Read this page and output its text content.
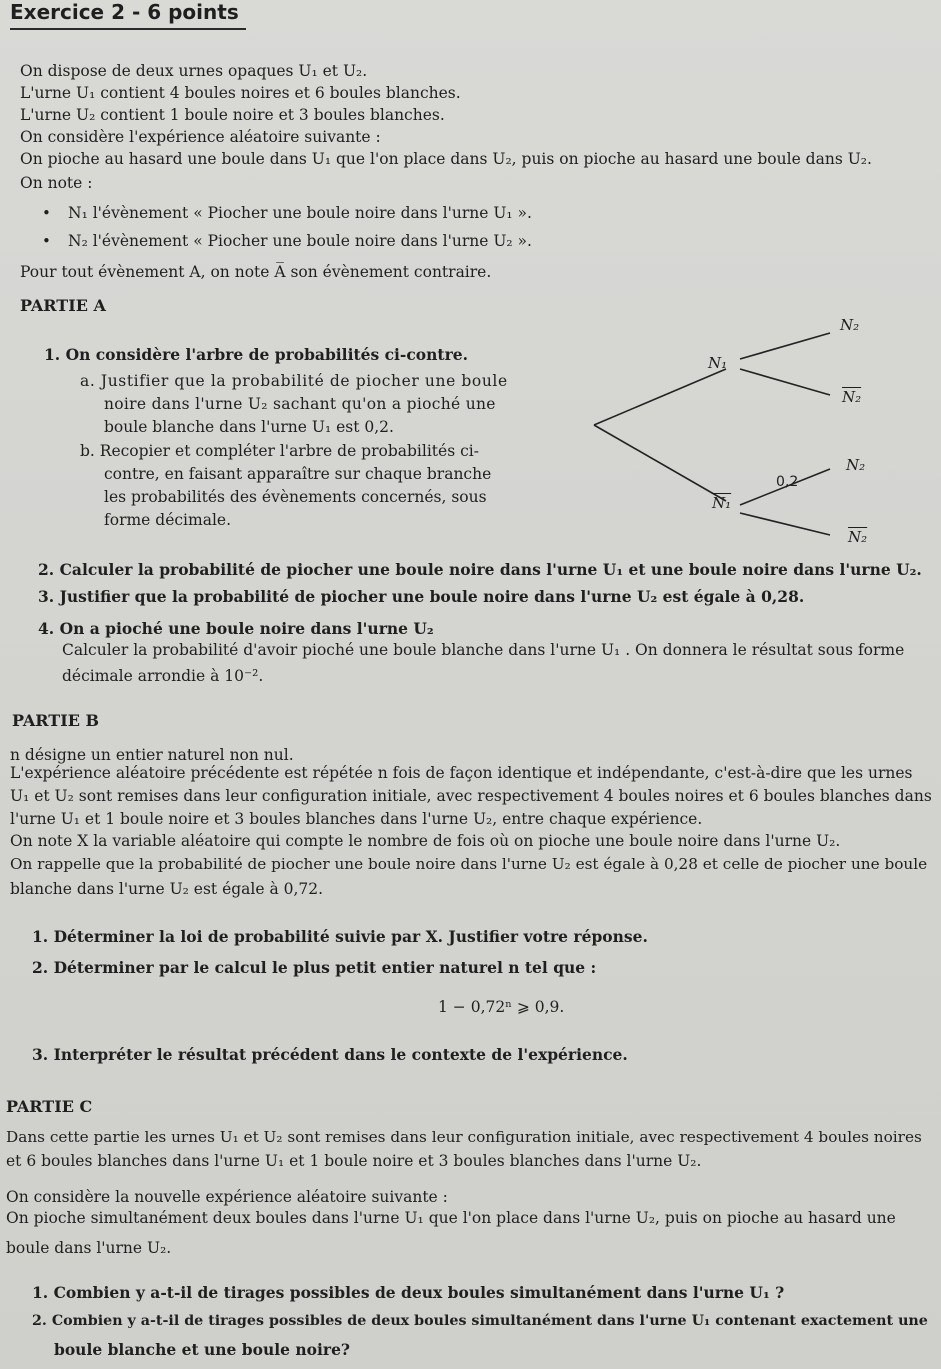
Exercice 2 - 6 points
On dispose de deux urnes opaques U₁ et U₂.
L'urne U₁ contient 4 boules noires et 6 boules blanches.
L'urne U₂ contient 1 boule noire et 3 boules blanches.
On considère l'expérience aléatoire suivante :
On pioche au hasard une boule dans U₁ que l'on place dans U₂, puis on pioche au hasard une boule dans U₂.
On note :
• N₁ l'évènement « Piocher une boule noire dans l'urne U₁ ».
• N₂ l'évènement « Piocher une boule noire dans l'urne U₂ ».
Pour tout évènement A, on note A̅ son évènement contraire.
PARTIE A
1. On considère l'arbre de probabilités ci-contre.
a. Justifier que la probabilité de piocher une boule
noire dans l'urne U₂ sachant qu'on a pioché une
boule blanche dans l'urne U₁ est 0,2.
b. Recopier et compléter l'arbre de probabilités ci-
contre, en faisant apparaître sur chaque branche
les probabilités des évènements concernés, sous
forme décimale.
N₁
N₂
N₂
0,2
N₂
N₁
N₂
2. Calculer la probabilité de piocher une boule noire dans l'urne U₁ et une boule noire dans l'urne U₂.
3. Justifier que la probabilité de piocher une boule noire dans l'urne U₂ est égale à 0,28.
4. On a pioché une boule noire dans l'urne U₂
Calculer la probabilité d'avoir pioché une boule blanche dans l'urne U₁ . On donnera le résultat sous forme
décimale arrondie à 10⁻².
PARTIE B
n désigne un entier naturel non nul.
L'expérience aléatoire précédente est répétée n fois de façon identique et indépendante, c'est-à-dire que les urnes
U₁ et U₂ sont remises dans leur configuration initiale, avec respectivement 4 boules noires et 6 boules blanches dans
l'urne U₁ et 1 boule noire et 3 boules blanches dans l'urne U₂, entre chaque expérience.
On note X la variable aléatoire qui compte le nombre de fois où on pioche une boule noire dans l'urne U₂.
On rappelle que la probabilité de piocher une boule noire dans l'urne U₂ est égale à 0,28 et celle de piocher une boule
blanche dans l'urne U₂ est égale à 0,72.
1. Déterminer la loi de probabilité suivie par X. Justifier votre réponse.
2. Déterminer par le calcul le plus petit entier naturel n tel que :
1 − 0,72ⁿ ⩾ 0,9.
3. Interpréter le résultat précédent dans le contexte de l'expérience.
PARTIE C
Dans cette partie les urnes U₁ et U₂ sont remises dans leur configuration initiale, avec respectivement 4 boules noires
et 6 boules blanches dans l'urne U₁ et 1 boule noire et 3 boules blanches dans l'urne U₂.
On considère la nouvelle expérience aléatoire suivante :
On pioche simultanément deux boules dans l'urne U₁ que l'on place dans l'urne U₂, puis on pioche au hasard une
boule dans l'urne U₂.
1. Combien y a-t-il de tirages possibles de deux boules simultanément dans l'urne U₁ ?
2. Combien y a-t-il de tirages possibles de deux boules simultanément dans l'urne U₁ contenant exactement une
boule blanche et une boule noire?
